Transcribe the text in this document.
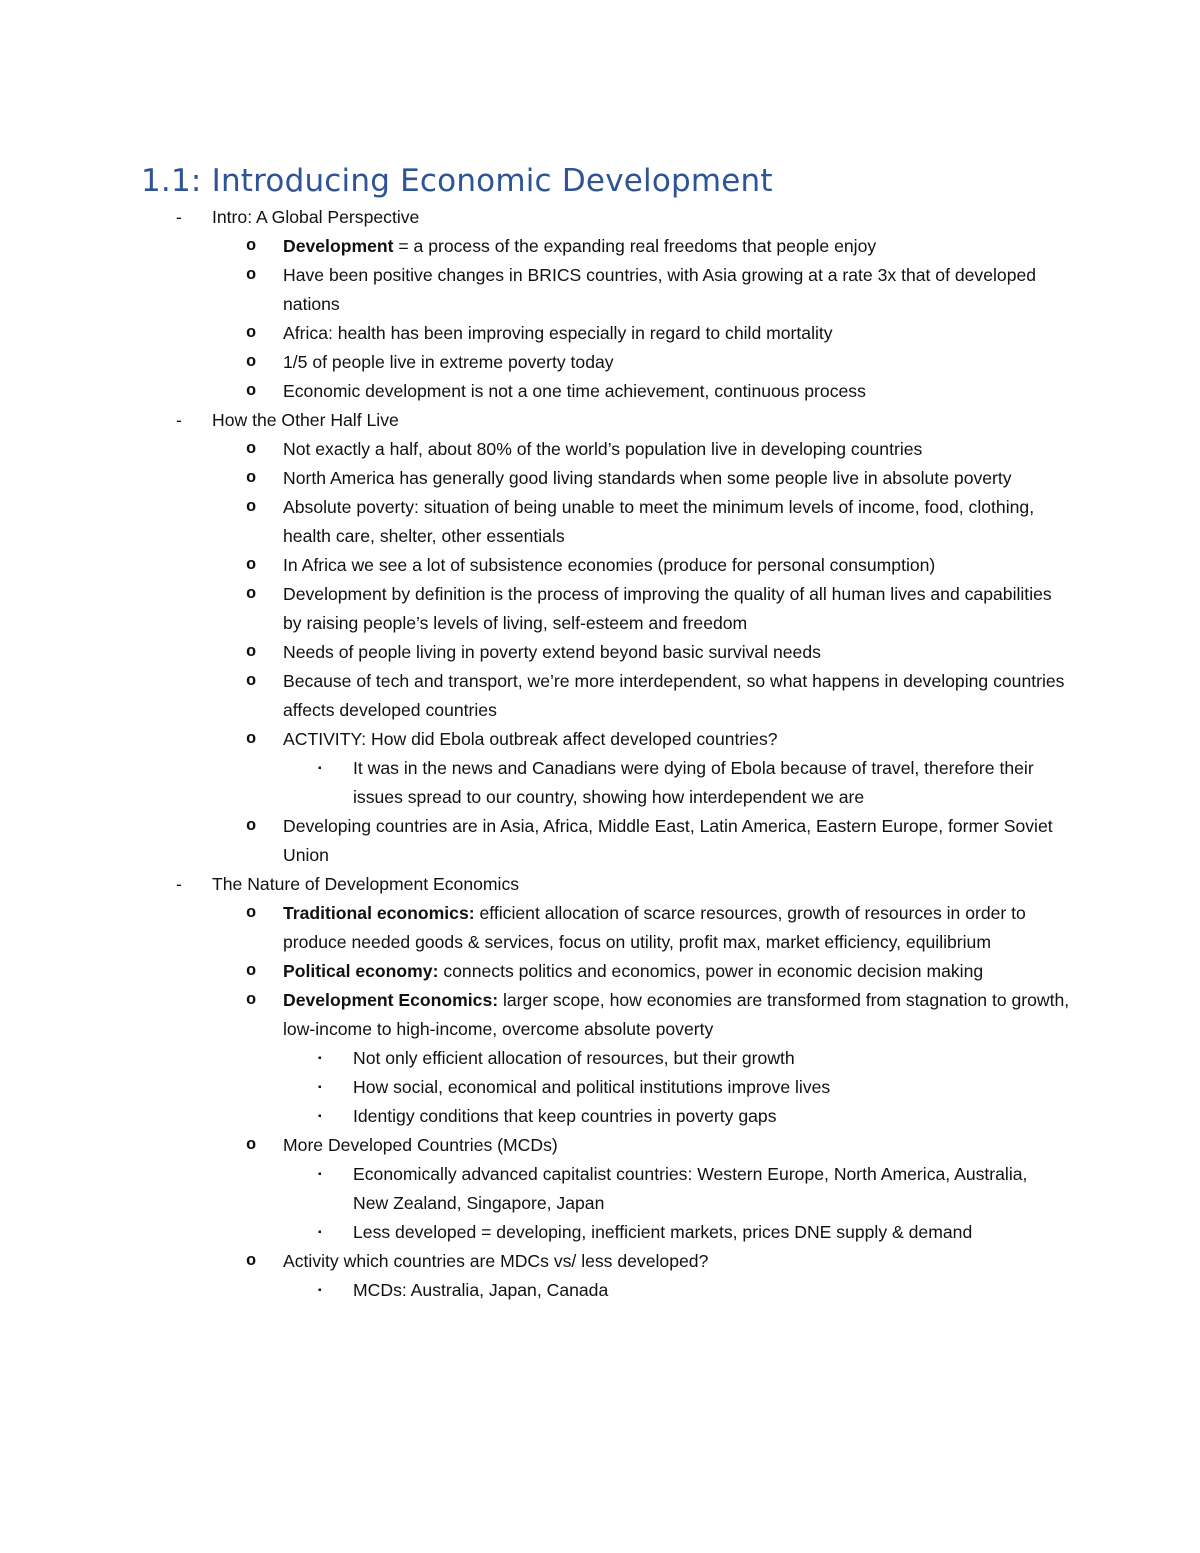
1.1: Introducing Economic Development
-	Intro: A Global Perspective
o	Development = a process of the expanding real freedoms that people enjoy
o	Have been positive changes in BRICS countries, with Asia growing at a rate 3x that of developed nations
o	Africa: health has been improving especially in regard to child mortality
o	1/5 of people live in extreme poverty today
o	Economic development is not a one time achievement, continuous process
-	How the Other Half Live
o	Not exactly a half, about 80% of the world’s population live in developing countries
o	North America has generally good living standards when some people live in absolute poverty
o	Absolute poverty: situation of being unable to meet the minimum levels of income, food, clothing, health care, shelter, other essentials
o	In Africa we see a lot of subsistence economies (produce for personal consumption)
o	Development by definition is the process of improving the quality of all human lives and capabilities by raising people’s levels of living, self-esteem and freedom
o	Needs of people living in poverty extend beyond basic survival needs
o	Because of tech and transport, we’re more interdependent, so what happens in developing countries affects developed countries
o	ACTIVITY: How did Ebola outbreak affect developed countries?
▪	It was in the news and Canadians were dying of Ebola because of travel, therefore their issues spread to our country, showing how interdependent we are
o	Developing countries are in Asia, Africa, Middle East, Latin America, Eastern Europe, former Soviet Union
-	The Nature of Development Economics
o	Traditional economics: efficient allocation of scarce resources, growth of resources in order to produce needed goods & services, focus on utility, profit max, market efficiency, equilibrium
o	Political economy: connects politics and economics, power in economic decision making
o	Development Economics: larger scope, how economies are transformed from stagnation to growth, low-income to high-income, overcome absolute poverty
▪	Not only efficient allocation of resources, but their growth
▪	How social, economical and political institutions improve lives
▪	Identigy conditions that keep countries in poverty gaps
o	More Developed Countries (MCDs)
▪	Economically advanced capitalist countries: Western Europe, North America, Australia, New Zealand, Singapore, Japan
▪	Less developed = developing, inefficient markets, prices DNE supply & demand
o	Activity which countries are MDCs vs/ less developed?
▪	MCDs: Australia, Japan, Canada
